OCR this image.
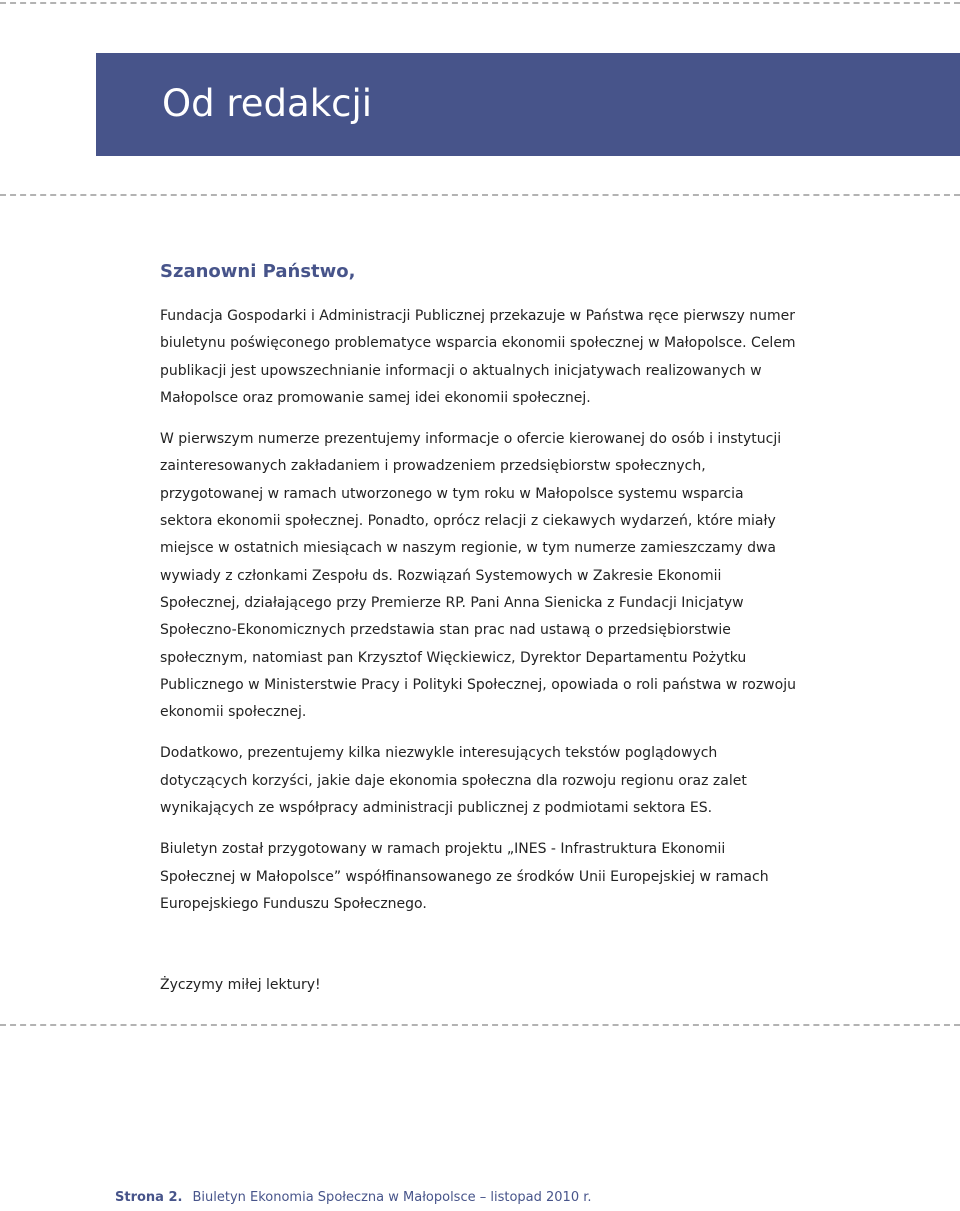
Od redakcji
Szanowni Państwo,

Fundacja Gospodarki i Administracji Publicznej przekazuje w Państwa ręce pierwszy numer biuletynu poświęconego problematyce wsparcia ekonomii społecznej w Małopolsce. Celem publikacji jest upowszechnianie informacji o aktualnych inicjatywach realizowanych w Małopolsce oraz promowanie samej idei ekonomii społecznej.

W pierwszym numerze prezentujemy informacje o ofercie kierowanej do osób i instytucji zainteresowanych zakładaniem i prowadzeniem przedsiębiorstw społecznych, przygotowanej w ramach utworzonego w tym roku w Małopolsce systemu wsparcia sektora ekonomii społecznej. Ponadto, oprócz relacji z ciekawych wydarzeń, które miały miejsce w ostatnich miesiącach w naszym regionie, w tym numerze zamieszczamy dwa wywiady z członkami Zespołu ds. Rozwiązań Systemowych w Zakresie Ekonomii Społecznej, działającego przy Premierze RP. Pani Anna Sienicka z Fundacji Inicjatyw Społeczno-Ekonomicznych przedstawia stan prac nad ustawą o przedsiębiorstwie społecznym, natomiast pan Krzysztof Więckiewicz, Dyrektor Departamentu Pożytku Publicznego w Ministerstwie Pracy i Polityki Społecznej, opowiada o roli państwa w rozwoju ekonomii społecznej.

Dodatkowo, prezentujemy kilka niezwykle interesujących tekstów poglądowych dotyczących korzyści, jakie daje ekonomia społeczna dla rozwoju regionu oraz zalet wynikających ze współpracy administracji publicznej z podmiotami sektora ES.

Biuletyn został przygotowany w ramach projektu „INES - Infrastruktura Ekonomii Społecznej w Małopolsce” współfinansowanego ze środków Unii Europejskiej w ramach Europejskiego Funduszu Społecznego.

Życzymy miłej lektury!

Strona 2. Biuletyn Ekonomia Społeczna w Małopolsce – listopad 2010 r.
